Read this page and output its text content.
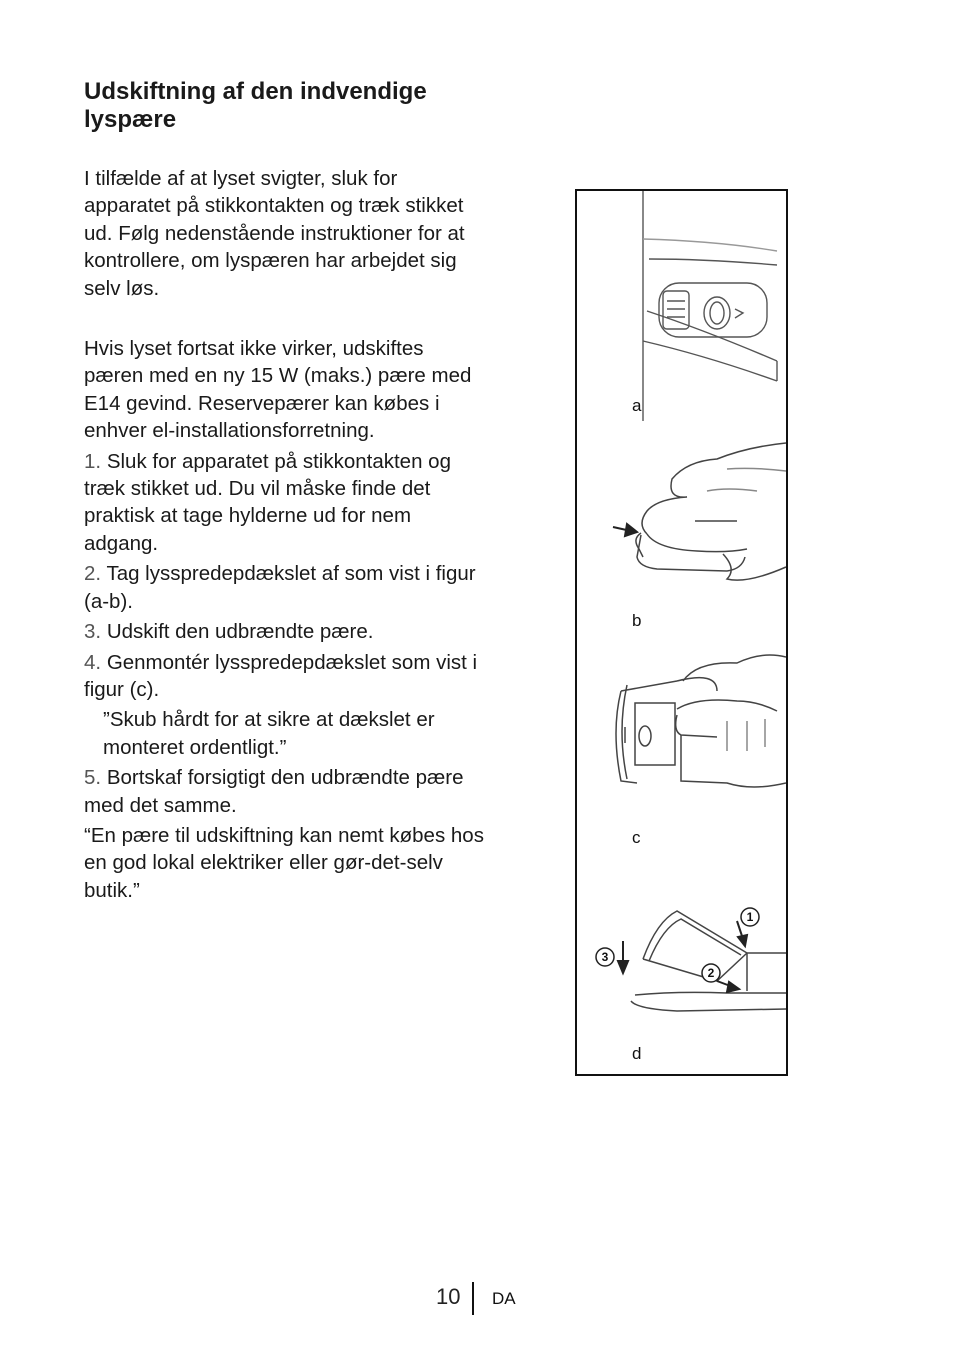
Udskiftning af den indvendige lyspære

I tilfælde af at lyset svigter, sluk for apparatet på stikkontakten og træk stikket ud. Følg nedenstående instruktioner for at kontrollere, om lyspæren har arbejdet sig selv løs.

Hvis lyset fortsat ikke virker, udskiftes pæren med en ny 15 W (maks.) pære med E14 gevind. Reservepærer kan købes i enhver el-installationsforretning.

1. Sluk for apparatet på stikkontakten og træk stikket ud. Du vil måske finde det praktisk at tage hylderne ud for nem adgang.

2. Tag lysspredерdækslet af som vist i figur (a-b).

3. Udskift den udbrændte pære.

4. Genmontér lysspredерdækslet som vist i figur (c).

”Skub hårdt for at sikre at dækslet er monteret ordentligt.”

5. Bortskaf forsigtigt den udbrændte pære med det samme.

“En pære til udskiftning kan nemt købes hos en god lokal elektriker eller gør-det-selv butik.”

a
b
c
1
2
3
d
10 DA
